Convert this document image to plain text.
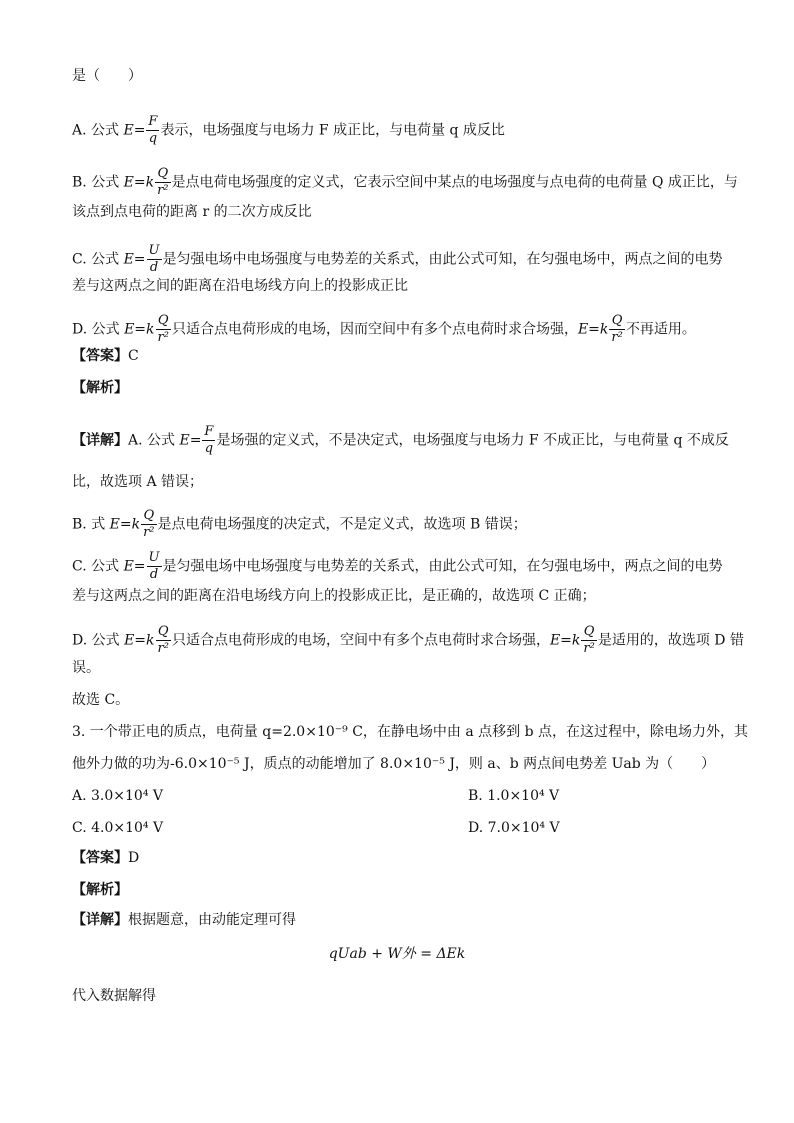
是（　　）
A. 公式 $E= \frac{F}{q}$ 表示，电场强度与电场力 F 成正比，与电荷量 q 成反比
B. 公式 $E=k \frac{Q}{\text{r²}}$ 是点电荷电场强度的定义式，它表示空间中某点的电场强度与点电荷的电荷量 Q 成正比，与
该点到点电荷的距离 r 的二次方成反比
C. 公式 $E= \frac{U}{d}$ 是匀强电场中电场强度与电势差的关系式，由此公式可知，在匀强电场中，两点之间的电势
差与这两点之间的距离在沿电场线方向上的投影成正比
D. 公式 $E=k \frac{Q}{\text{r²}}$ 只适合点电荷形成的电场，因而空间中有多个点电荷时求合场强，$E=k \frac{Q}{\text{r²}}$ 不再适用。
【答案】C
【解析】
【详解】A. 公式 $E= \frac{F}{q}$ 是场强的定义式，不是决定式，电场强度与电场力 F 不成正比，与电荷量 q 不成反
比，故选项 A 错误；
B. 式 $E=k \frac{Q}{\text{r²}}$ 是点电荷电场强度的决定式，不是定义式，故选项 B 错误；
C. 公式 $E= \frac{U}{d}$ 是匀强电场中电场强度与电势差的关系式，由此公式可知，在匀强电场中，两点之间的电势
差与这两点之间的距离在沿电场线方向上的投影成正比，是正确的，故选项 C 正确；
D. 公式 $E=k \frac{Q}{\text{r²}}$ 只适合点电荷形成的电场，空间中有多个点电荷时求合场强，$E=k \frac{Q}{\text{r²}}$ 是适用的，故选项 D 错
误。
故选 C。
3. 一个带正电的质点，电荷量 q=2.0×10⁻⁹ C，在静电场中由 a 点移到 b 点，在这过程中，除电场力外，其
他外力做的功为-6.0×10⁻⁵ J，质点的动能增加了 8.0×10⁻⁵ J，则 a、b 两点间电势差 Uab 为（　　）
A. 3.0×10⁴ V	B. 1.0×10⁴ V
C. 4.0×10⁴ V	D. 7.0×10⁴ V
【答案】D
【解析】
【详解】根据题意，由动能定理可得
qUab + W外 = ΔEk
代入数据解得
